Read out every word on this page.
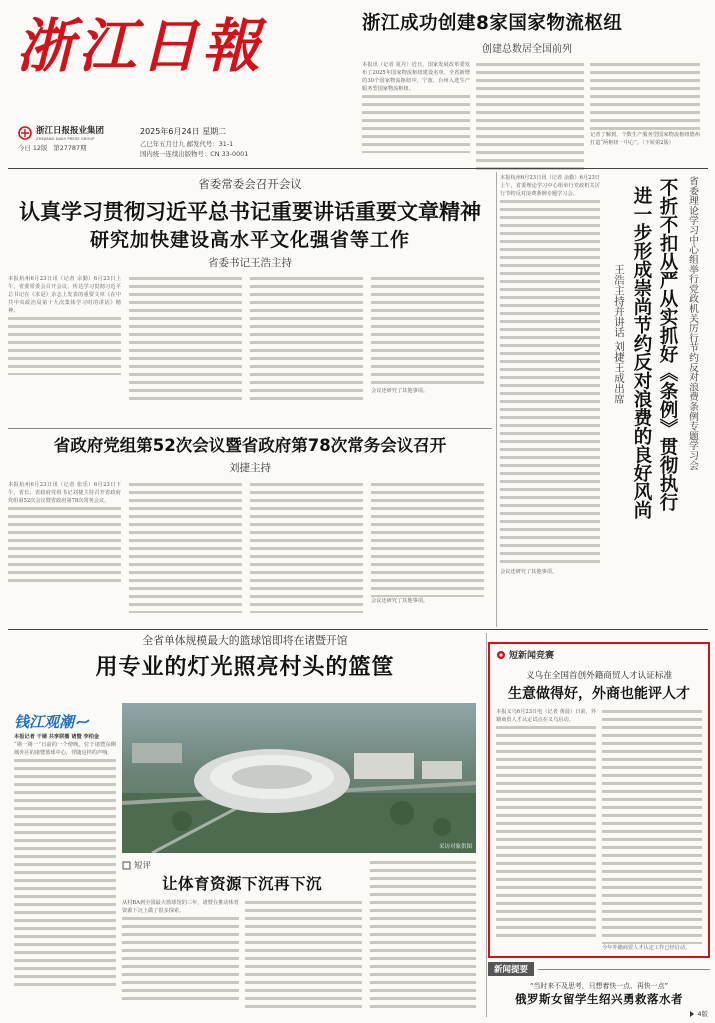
浙江日報
浙江日报报业集团
ZHEJIANG DAILY PRESS GROUP
2025年6月24日 星期二
乙巳年五月廿九 邮发代号：31-1
国内统一连续出版物号：CN 33-0001
今日 12版 第27787期
浙江成功创建8家国家物流枢纽
创建总数居全国前列

本报讯（记者 夏丹）近日，国家发展改革委发布了2025年国家物流枢纽建设名单，全省新增的30个国家物流枢纽中，宁波、台州入选生产服务型国家物流枢纽。

记者了解到，个数生产服务型国家物流枢纽德州打造“两枢纽一中心”。（下转第2版）

省委常委会召开会议
认真学习贯彻习近平总书记重要讲话重要文章精神
研究加快建设高水平文化强省等工作
省委书记王浩主持

本报杭州6月23日讯（记者 余勤）6月23日上午，省委常委会召开会议，传达学习贯彻习近平总书记在《求是》杂志上发表的重要文章《在中共中央政治局第十九次集体学习时的讲话》精神。

会议还研究了其他事项。

省政府党组第52次会议暨省政府第78次常务会议召开
刘捷主持

本报杭州6月23日讯（记者 张乐）6月23日下午，省长、省政府党组书记刘捷主持召开省政府党组第52次会议暨省政府第78次常务会议。

会议还研究了其他事项。

本报杭州6月23日讯（记者 余勤）6月23日上午，省委理论学习中心组举行党政机关厉行节约反对浪费条例专题学习会。

会议还研究了其他事项。

王浩主持并讲话 刘捷王成出席 进一步形成崇尚节约反对浪费的良好风尚 不折不扣从严从实抓好《条例》贯彻执行 省委理论学习中心组举行党政机关厉行节约反对浪费条例专题学习会
全省单体规模最大的篮球馆即将在诸暨开馆
用专业的灯光照亮村头的篮筐
钱江观潮

本报记者 干婧 共享联播 诸暨 李柏金

“锵一锵一”日前的一个傍晚，位于诸暨东侧城外区的诸暨篮球中心，伴随这样的声响。

采访对象供图
短评
让体育资源下沉再下沉

从村BA到全国最大篮球馆的三年，诸暨在推动体育资源下沉上做了很多探索。

短新闻竞赛
义乌在全国首创外籍商贸人才认证标准
生意做得好，外商也能评人才

本报义乌6月23日电（记者 黄晨）日前，外籍商贸人才认定试点在义乌启动。

今年外籍商贸人才认定工作已经启动。

新闻提要
“当时来不及思考，只想着快一点、再快一点”
俄罗斯女留学生绍兴勇救落水者
4版
